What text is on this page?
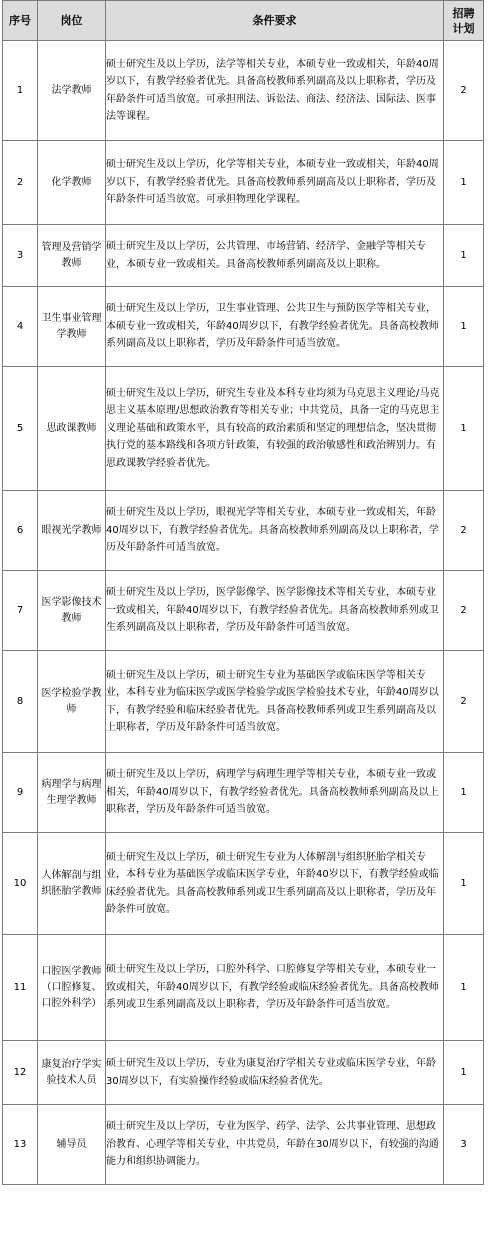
序号	岗位	条件要求	招聘计划
1	法学教师	硕士研究生及以上学历，法学等相关专业，本硕专业一致或相关，年龄40周岁以下，有教学经验者优先。具备高校教师系列副高及以上职称者，学历及年龄条件可适当放宽。可承担刑法、诉讼法、商法、经济法、国际法、医事法等课程。	2
2	化学教师	硕士研究生及以上学历，化学等相关专业，本硕专业一致或相关，年龄40周岁以下，有教学经验者优先。具备高校教师系列副高及以上职称者，学历及年龄条件可适当放宽。可承担物理化学课程。	1
3	管理及营销学教师	硕士研究生及以上学历，公共管理、市场营销、经济学、金融学等相关专业，本硕专业一致或相关。具备高校教师系列副高及以上职称。	1
4	卫生事业管理学教师	硕士研究生及以上学历，卫生事业管理、公共卫生与预防医学等相关专业，本硕专业一致或相关，年龄40周岁以下，有教学经验者优先。具备高校教师系列副高及以上职称者，学历及年龄条件可适当放宽。	1
5	思政课教师	硕士研究生及以上学历，研究生专业及本科专业均须为马克思主义理论/马克思主义基本原理/思想政治教育等相关专业；中共党员，具备一定的马克思主义理论基础和政策水平，具有较高的政治素质和坚定的理想信念，坚决贯彻执行党的基本路线和各项方针政策，有较强的政治敏感性和政治辨别力。有思政课教学经验者优先。	1
6	眼视光学教师	硕士研究生及以上学历，眼视光学等相关专业，本硕专业一致或相关，年龄40周岁以下，有教学经验者优先。具备高校教师系列副高及以上职称者，学历及年龄条件可适当放宽。	2
7	医学影像技术教师	硕士研究生及以上学历，医学影像学、医学影像技术等相关专业，本硕专业一致或相关，年龄40周岁以下，有教学经验者优先。具备高校教师系列或卫生系列副高及以上职称者，学历及年龄条件可适当放宽。	2
8	医学检验学教师	硕士研究生及以上学历，硕士研究生专业为基础医学或临床医学等相关专业，本科专业为临床医学或医学检验学或医学检验技术专业，年龄40周岁以下，有教学经验和临床经验者优先。具备高校教师系列或卫生系列副高及以上职称者，学历及年龄条件可适当放宽。	2
9	病理学与病理生理学教师	硕士研究生及以上学历，病理学与病理生理学等相关专业，本硕专业一致或相关，年龄40周岁以下，有教学经验者优先。具备高校教师系列副高及以上职称者，学历及年龄条件可适当放宽。	1
10	人体解剖与组织胚胎学教师	硕士研究生及以上学历，硕士研究生专业为人体解剖与组织胚胎学相关专业，本科专业为基础医学或临床医学专业，年龄40岁以下，有教学经验或临床经验者优先。具备高校教师系列或卫生系列副高及以上职称者，学历及年龄条件可放宽。	1
11	口腔医学教师（口腔修复、口腔外科学）	硕士研究生及以上学历，口腔外科学、口腔修复学等相关专业，本硕专业一致或相关，年龄40周岁以下，有教学经验或临床经验者优先。具备高校教师系列或卫生系列副高及以上职称者，学历及年龄条件可适当放宽。	1
12	康复治疗学实验技术人员	硕士研究生及以上学历，专业为康复治疗学相关专业或临床医学专业，年龄30周岁以下，有实验操作经验或临床经验者优先。	1
13	辅导员	硕士研究生及以上学历，专业为医学、药学、法学、公共事业管理、思想政治教育、心理学等相关专业，中共党员，年龄在30周岁以下，有较强的沟通能力和组织协调能力。	3
